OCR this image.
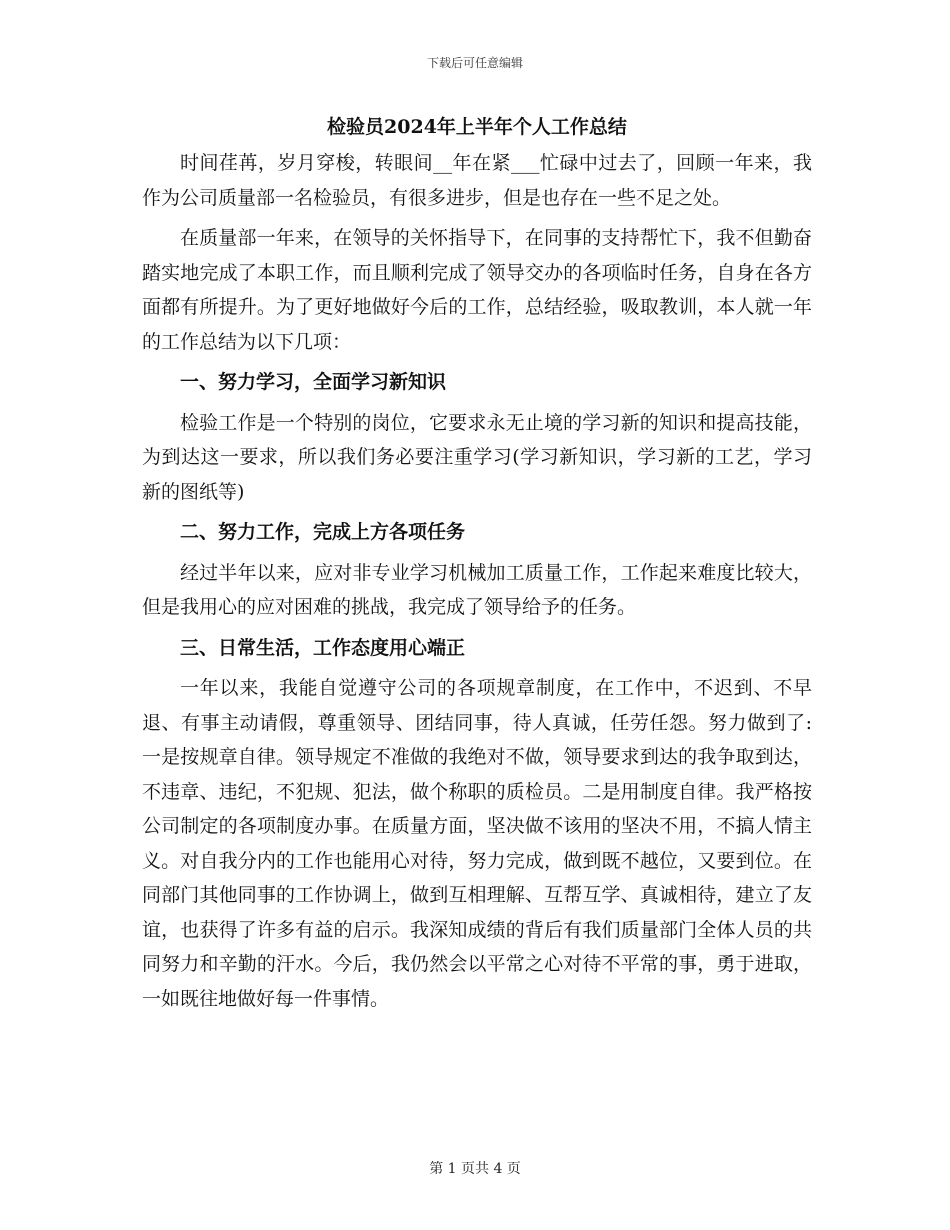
下载后可任意编辑
检验员2024年上半年个人工作总结

时间荏苒，岁月穿梭，转眼间__年在紧___忙碌中过去了，回顾一年来，我作为公司质量部一名检验员，有很多进步，但是也存在一些不足之处。

在质量部一年来，在领导的关怀指导下，在同事的支持帮忙下，我不但勤奋踏实地完成了本职工作，而且顺利完成了领导交办的各项临时任务，自身在各方面都有所提升。为了更好地做好今后的工作，总结经验，吸取教训，本人就一年的工作总结为以下几项：

一、努力学习，全面学习新知识

检验工作是一个特别的岗位，它要求永无止境的学习新的知识和提高技能，为到达这一要求，所以我们务必要注重学习(学习新知识，学习新的工艺，学习新的图纸等)

二、努力工作，完成上方各项任务

经过半年以来，应对非专业学习机械加工质量工作，工作起来难度比较大，但是我用心的应对困难的挑战，我完成了领导给予的任务。

三、日常生活，工作态度用心端正

一年以来，我能自觉遵守公司的各项规章制度，在工作中，不迟到、不早退、有事主动请假，尊重领导、团结同事，待人真诚，任劳任怨。努力做到了:一是按规章自律。领导规定不准做的我绝对不做，领导要求到达的我争取到达，不违章、违纪，不犯规、犯法，做个称职的质检员。二是用制度自律。我严格按公司制定的各项制度办事。在质量方面，坚决做不该用的坚决不用，不搞人情主义。对自我分内的工作也能用心对待，努力完成，做到既不越位，又要到位。在同部门其他同事的工作协调上，做到互相理解、互帮互学、真诚相待，建立了友谊，也获得了许多有益的启示。我深知成绩的背后有我们质量部门全体人员的共同努力和辛勤的汗水。今后，我仍然会以平常之心对待不平常的事，勇于进取，一如既往地做好每一件事情。

第 1 页共 4 页
